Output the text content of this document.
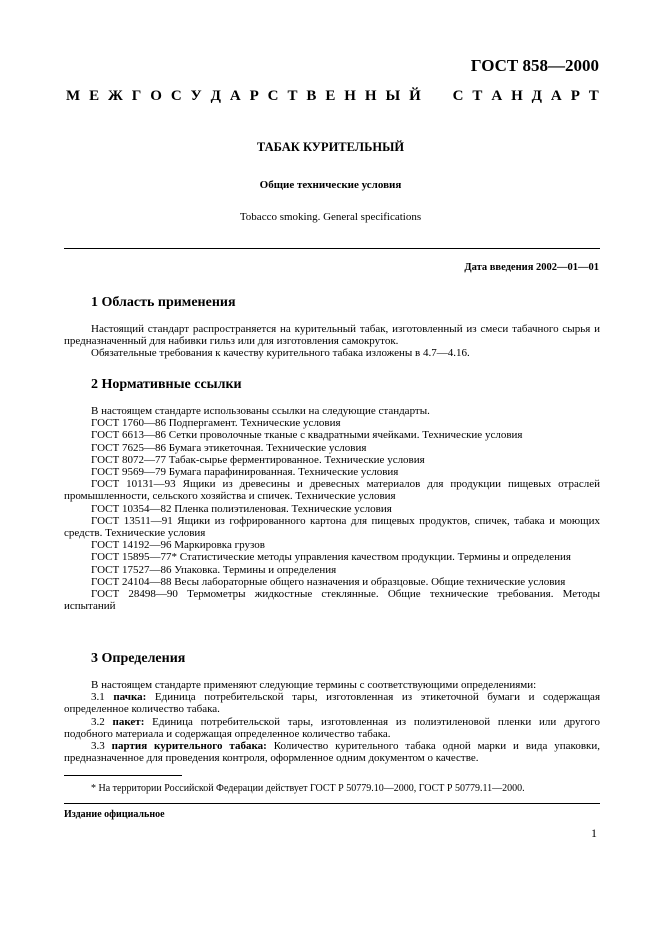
ГОСТ 858—2000
М Е Ж Г О С У Д А Р С Т В Е Н Н Ы Й С Т А Н Д А Р Т
ТАБАК КУРИТЕЛЬНЫЙ
Общие технические условия
Tobacco smoking. General specifications
Дата введения 2002—01—01
1 Область применения
Настоящий стандарт распространяется на курительный табак, изготовленный из смеси табачного сырья и предназначенный для набивки гильз или для изготовления самокруток.
Обязательные требования к качеству курительного табака изложены в 4.7—4.16.
2 Нормативные ссылки
В настоящем стандарте использованы ссылки на следующие стандарты.
ГОСТ 1760—86 Подпергамент. Технические условия
ГОСТ 6613—86 Сетки проволочные тканые с квадратными ячейками. Технические условия
ГОСТ 7625—86 Бумага этикеточная. Технические условия
ГОСТ 8072—77 Табак-сырье ферментированное. Технические условия
ГОСТ 9569—79 Бумага парафинированная. Технические условия
ГОСТ 10131—93 Ящики из древесины и древесных материалов для продукции пищевых отраслей промышленности, сельского хозяйства и спичек. Технические условия
ГОСТ 10354—82 Пленка полиэтиленовая. Технические условия
ГОСТ 13511—91 Ящики из гофрированного картона для пищевых продуктов, спичек, табака и моющих средств. Технические условия
ГОСТ 14192—96 Маркировка грузов
ГОСТ 15895—77* Статистические методы управления качеством продукции. Термины и определения
ГОСТ 17527—86 Упаковка. Термины и определения
ГОСТ 24104—88 Весы лабораторные общего назначения и образцовые. Общие технические условия
ГОСТ 28498—90 Термометры жидкостные стеклянные. Общие технические требования. Методы испытаний
3 Определения
В настоящем стандарте применяют следующие термины с соответствующими определениями:
3.1 пачка: Единица потребительской тары, изготовленная из этикеточной бумаги и содержащая определенное количество табака.
3.2 пакет: Единица потребительской тары, изготовленная из полиэтиленовой пленки или другого подобного материала и содержащая определенное количество табака.
3.3 партия курительного табака: Количество курительного табака одной марки и вида упаковки, предназначенное для проведения контроля, оформленное одним документом о качестве.
* На территории Российской Федерации действует ГОСТ Р 50779.10—2000, ГОСТ Р 50779.11—2000.
Издание официальное
1
